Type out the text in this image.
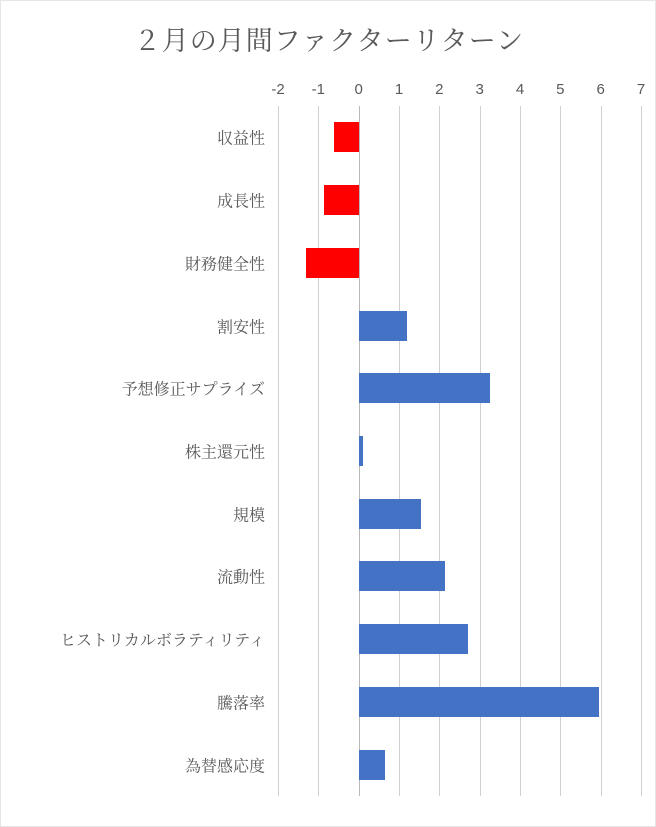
２月の月間ファクターリターン
-2 -1 0 1 2 3 4 5 6 7
収益性
成長性
財務健全性
割安性
予想修正サプライズ
株主還元性
規模
流動性
ヒストリカルボラティリティ
騰落率
為替感応度
